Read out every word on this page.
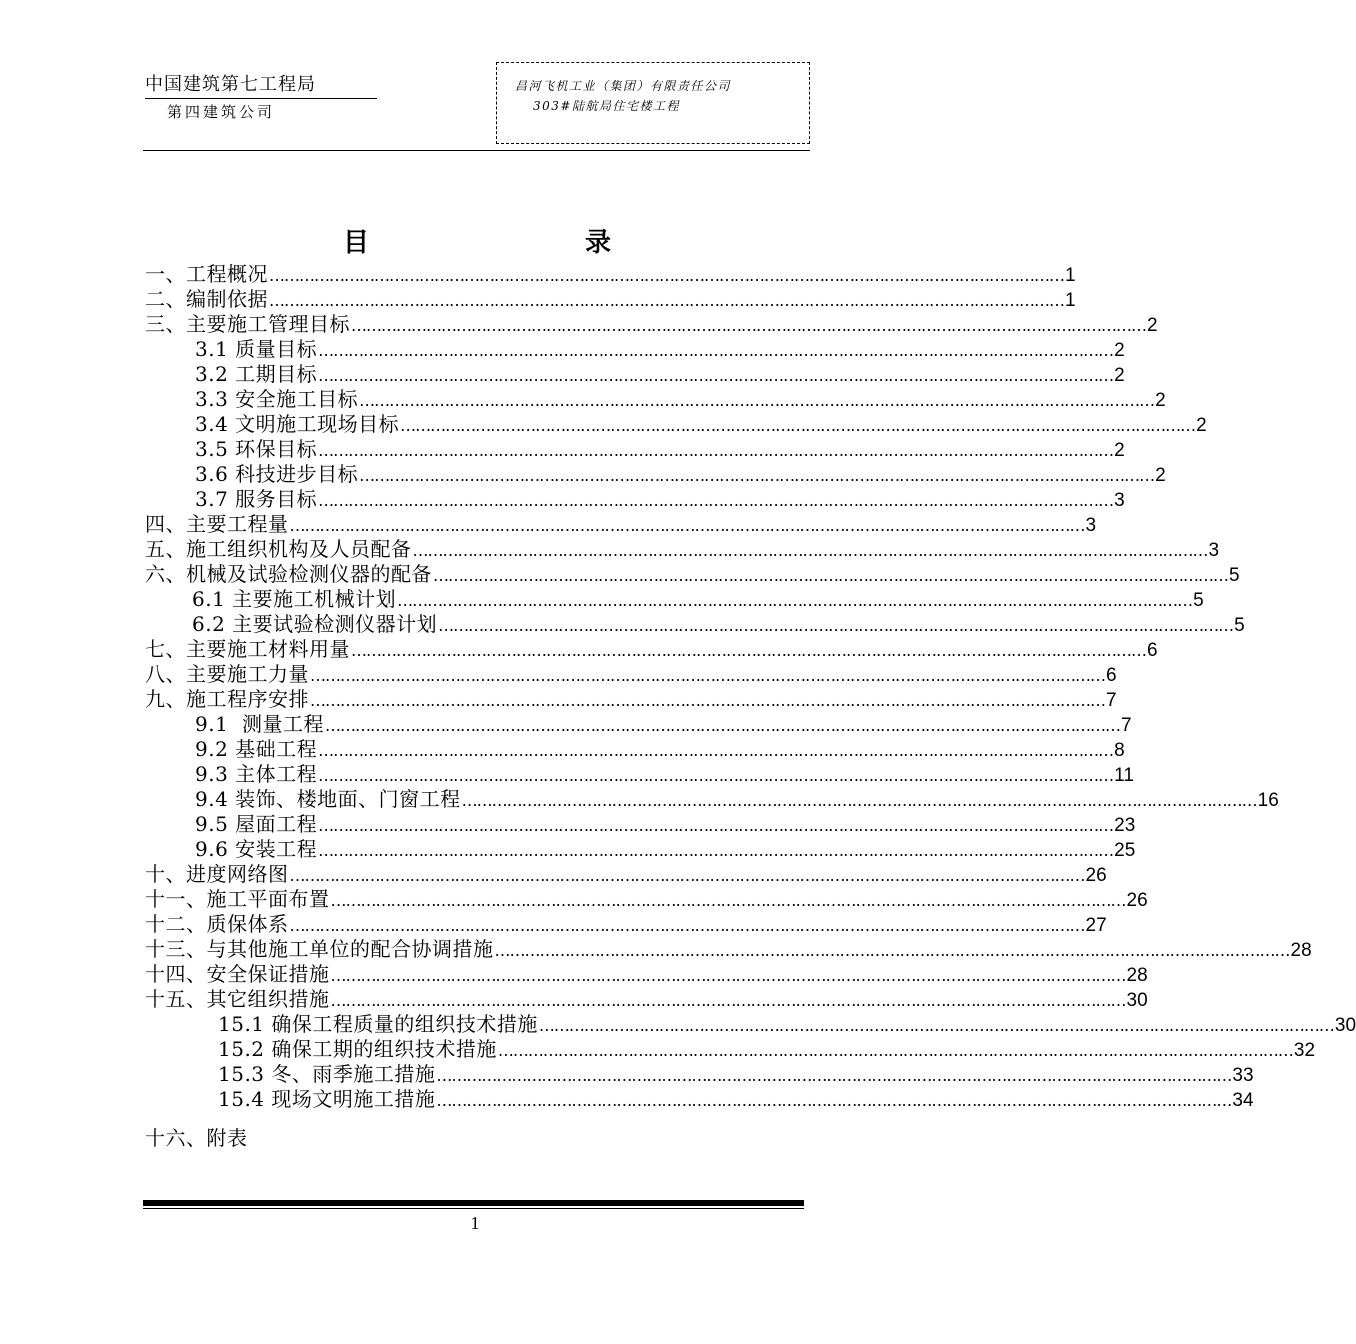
中国建筑第七工程局
第四建筑公司
昌河飞机工业（集团）有限责任公司
303#陆航局住宅楼工程
目	录
一、工程概况 …………………………………………………………………………………………………………………………………………… 1
二、编制依据 …………………………………………………………………………………………………………………………………………… 1
三、主要施工管理目标 …………………………………………………………………………………………………………………………………………… 2
3.1 质量目标 …………………………………………………………………………………………………………………………………………… 2
3.2 工期目标 …………………………………………………………………………………………………………………………………………… 2
3.3 安全施工目标 …………………………………………………………………………………………………………………………………………… 2
3.4 文明施工现场目标 …………………………………………………………………………………………………………………………………………… 2
3.5 环保目标 …………………………………………………………………………………………………………………………………………… 2
3.6 科技进步目标 …………………………………………………………………………………………………………………………………………… 2
3.7 服务目标 …………………………………………………………………………………………………………………………………………… 3
四、主要工程量 …………………………………………………………………………………………………………………………………………… 3
五、施工组织机构及人员配备 …………………………………………………………………………………………………………………………………………… 3
六、机械及试验检测仪器的配备 …………………………………………………………………………………………………………………………………………… 5
6.1 主要施工机械计划 …………………………………………………………………………………………………………………………………………… 5
6.2 主要试验检测仪器计划 …………………………………………………………………………………………………………………………………………… 5
七、主要施工材料用量 …………………………………………………………………………………………………………………………………………… 6
八、主要施工力量 …………………………………………………………………………………………………………………………………………… 6
九、施工程序安排 …………………………………………………………………………………………………………………………………………… 7
9.1  测量工程 …………………………………………………………………………………………………………………………………………… 7
9.2 基础工程 …………………………………………………………………………………………………………………………………………… 8
9.3 主体工程 …………………………………………………………………………………………………………………………………………… 11
9.4 装饰、楼地面、门窗工程 …………………………………………………………………………………………………………………………………………… 16
9.5 屋面工程 …………………………………………………………………………………………………………………………………………… 23
9.6 安装工程 …………………………………………………………………………………………………………………………………………… 25
十、进度网络图 …………………………………………………………………………………………………………………………………………… 26
十一、施工平面布置 …………………………………………………………………………………………………………………………………………… 26
十二、质保体系 …………………………………………………………………………………………………………………………………………… 27
十三、与其他施工单位的配合协调措施 …………………………………………………………………………………………………………………………………………… 28
十四、安全保证措施 …………………………………………………………………………………………………………………………………………… 28
十五、其它组织措施 …………………………………………………………………………………………………………………………………………… 30
15.1 确保工程质量的组织技术措施 …………………………………………………………………………………………………………………………………………… 30
15.2 确保工期的组织技术措施 …………………………………………………………………………………………………………………………………………… 32
15.3 冬、雨季施工措施 …………………………………………………………………………………………………………………………………………… 33
15.4 现场文明施工措施 …………………………………………………………………………………………………………………………………………… 34
十六、附表
1
